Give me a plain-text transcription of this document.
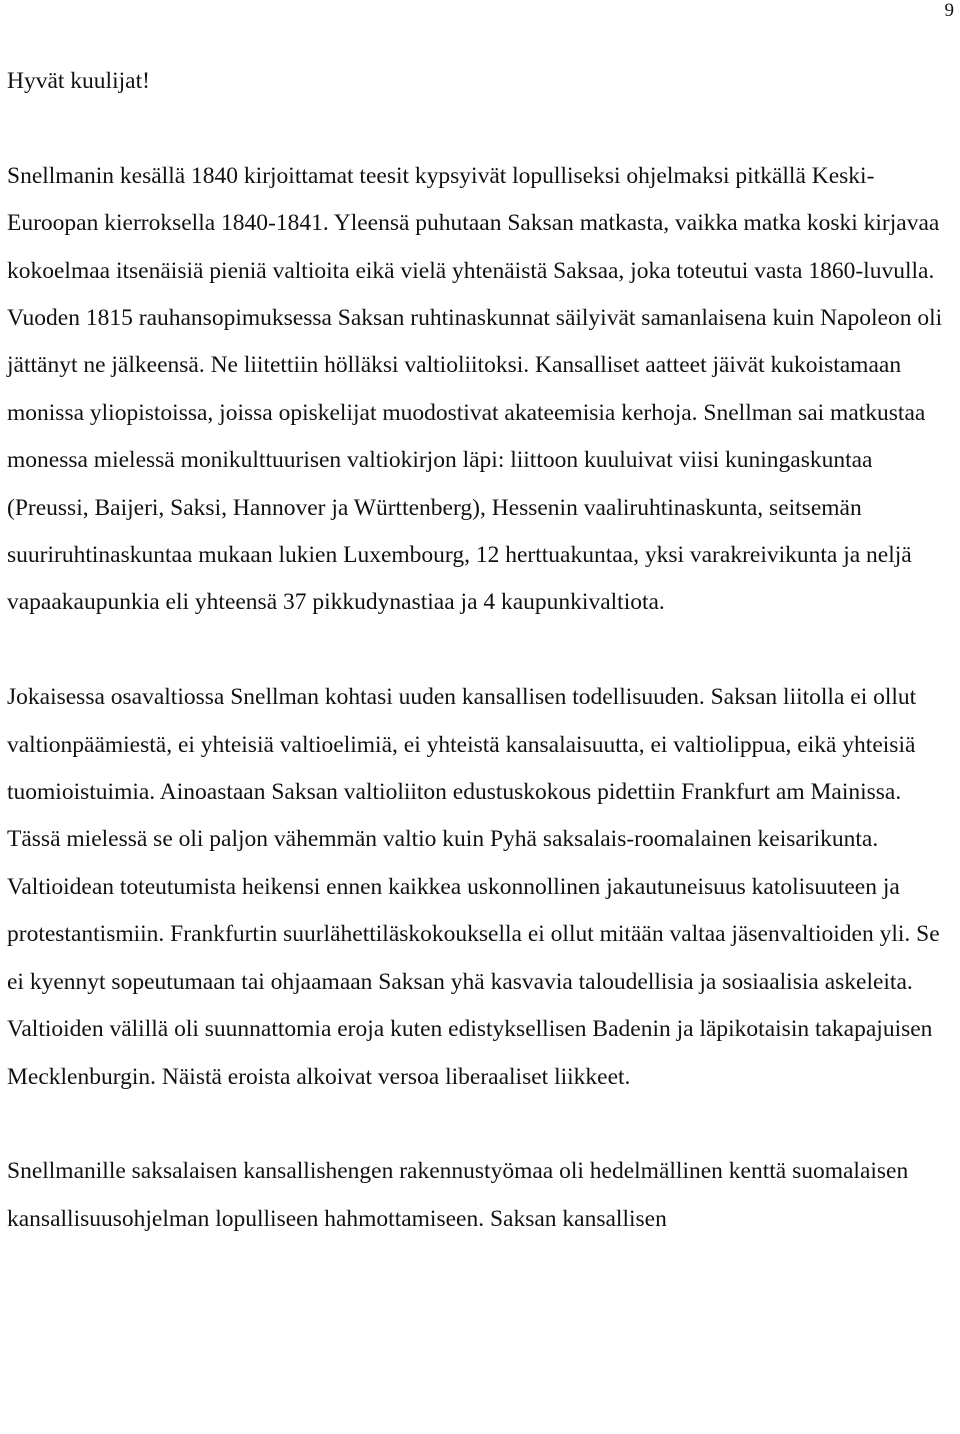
9

Hyvät kuulijat!

Snellmanin kesällä 1840 kirjoittamat teesit kypsyivät lopulliseksi ohjelmaksi pitkällä Keski-Euroopan kierroksella 1840-1841. Yleensä puhutaan Saksan matkasta, vaikka matka koski kirjavaa kokoelmaa itsenäisiä pieniä valtioita eikä vielä yhtenäistä Saksaa, joka toteutui vasta 1860-luvulla. Vuoden 1815 rauhansopimuksessa Saksan ruhtinaskunnat säilyivät samanlaisena kuin Napoleon oli jättänyt ne jälkeensä. Ne liitettiin hölläksi valtioliitoksi. Kansalliset aatteet jäivät kukoistamaan monissa yliopistoissa, joissa opiskelijat muodostivat akateemisia kerhoja. Snellman sai matkustaa monessa mielessä monikulttuurisen valtiokirjon läpi: liittoon kuuluivat viisi kuningaskuntaa (Preussi, Baijeri, Saksi, Hannover ja Württenberg), Hessenin vaaliruhtinaskunta, seitsemän suuriruhtinaskuntaa mukaan lukien Luxembourg, 12 herttuakuntaa, yksi varakreivikunta ja neljä vapaakaupunkia eli yhteensä 37 pikkudynastiaa ja 4 kaupunkivaltiota.

Jokaisessa osavaltiossa Snellman kohtasi uuden kansallisen todellisuuden. Saksan liitolla ei ollut valtionpäämiestä, ei yhteisiä valtioelimiä, ei yhteistä kansalaisuutta, ei valtiolippua, eikä yhteisiä tuomioistuimia. Ainoastaan Saksan valtioliiton edustuskokous pidettiin Frankfurt am Mainissa. Tässä mielessä se oli paljon vähemmän valtio kuin Pyhä saksalais-roomalainen keisarikunta. Valtioidean toteutumista heikensi ennen kaikkea uskonnollinen jakautuneisuus katolisuuteen ja protestantismiin. Frankfurtin suurlähettiläskokouksella ei ollut mitään valtaa jäsenvaltioiden yli. Se ei kyennyt sopeutumaan tai ohjaamaan Saksan yhä kasvavia taloudellisia ja sosiaalisia askeleita. Valtioiden välillä oli suunnattomia eroja kuten edistyksellisen Badenin ja läpikotaisin takapajuisen Mecklenburgin. Näistä eroista alkoivat versoa liberaaliset liikkeet.

Snellmanille saksalaisen kansallishengen rakennustyömaa oli hedelmällinen kenttä suomalaisen kansallisuusohjelman lopulliseen hahmottamiseen. Saksan kansallisen
